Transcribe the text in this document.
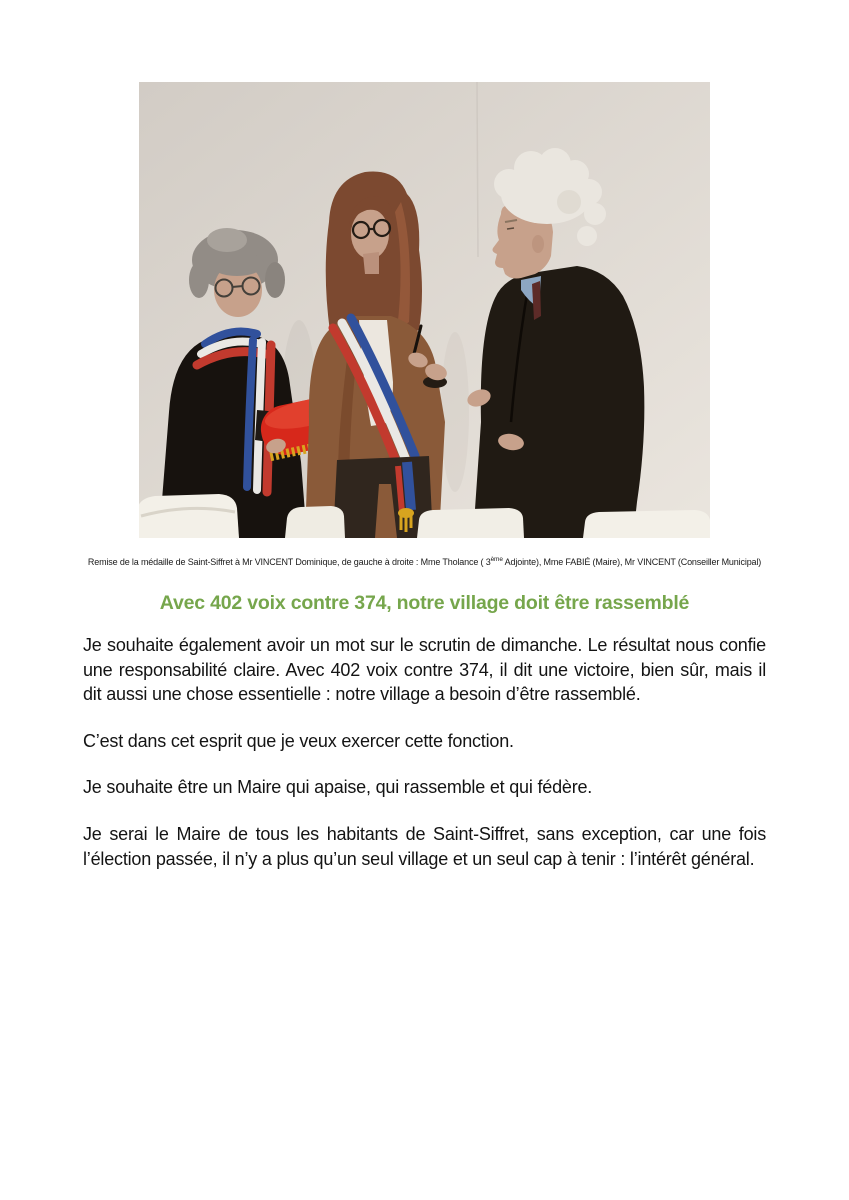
Remise de la médaille de Saint-Siffret à Mr VINCENT Dominique, de gauche à droite : Mme Tholance ( 3ème Adjointe), Mme FABIÉ (Maire), Mr VINCENT (Conseiller Municipal)

Avec 402 voix contre 374, notre village doit être rassemblé

Je souhaite également avoir un mot sur le scrutin de dimanche. Le résultat nous confie une responsabilité claire. Avec 402 voix contre 374, il dit une victoire, bien sûr, mais il dit aussi une chose essentielle : notre village a besoin d’être rassemblé.

C’est dans cet esprit que je veux exercer cette fonction.

Je souhaite être un Maire qui apaise, qui rassemble et qui fédère.

Je serai le Maire de tous les habitants de Saint-Siffret, sans exception, car une fois l’élection passée, il n’y a plus qu’un seul village et un seul cap à tenir : l’intérêt général.
